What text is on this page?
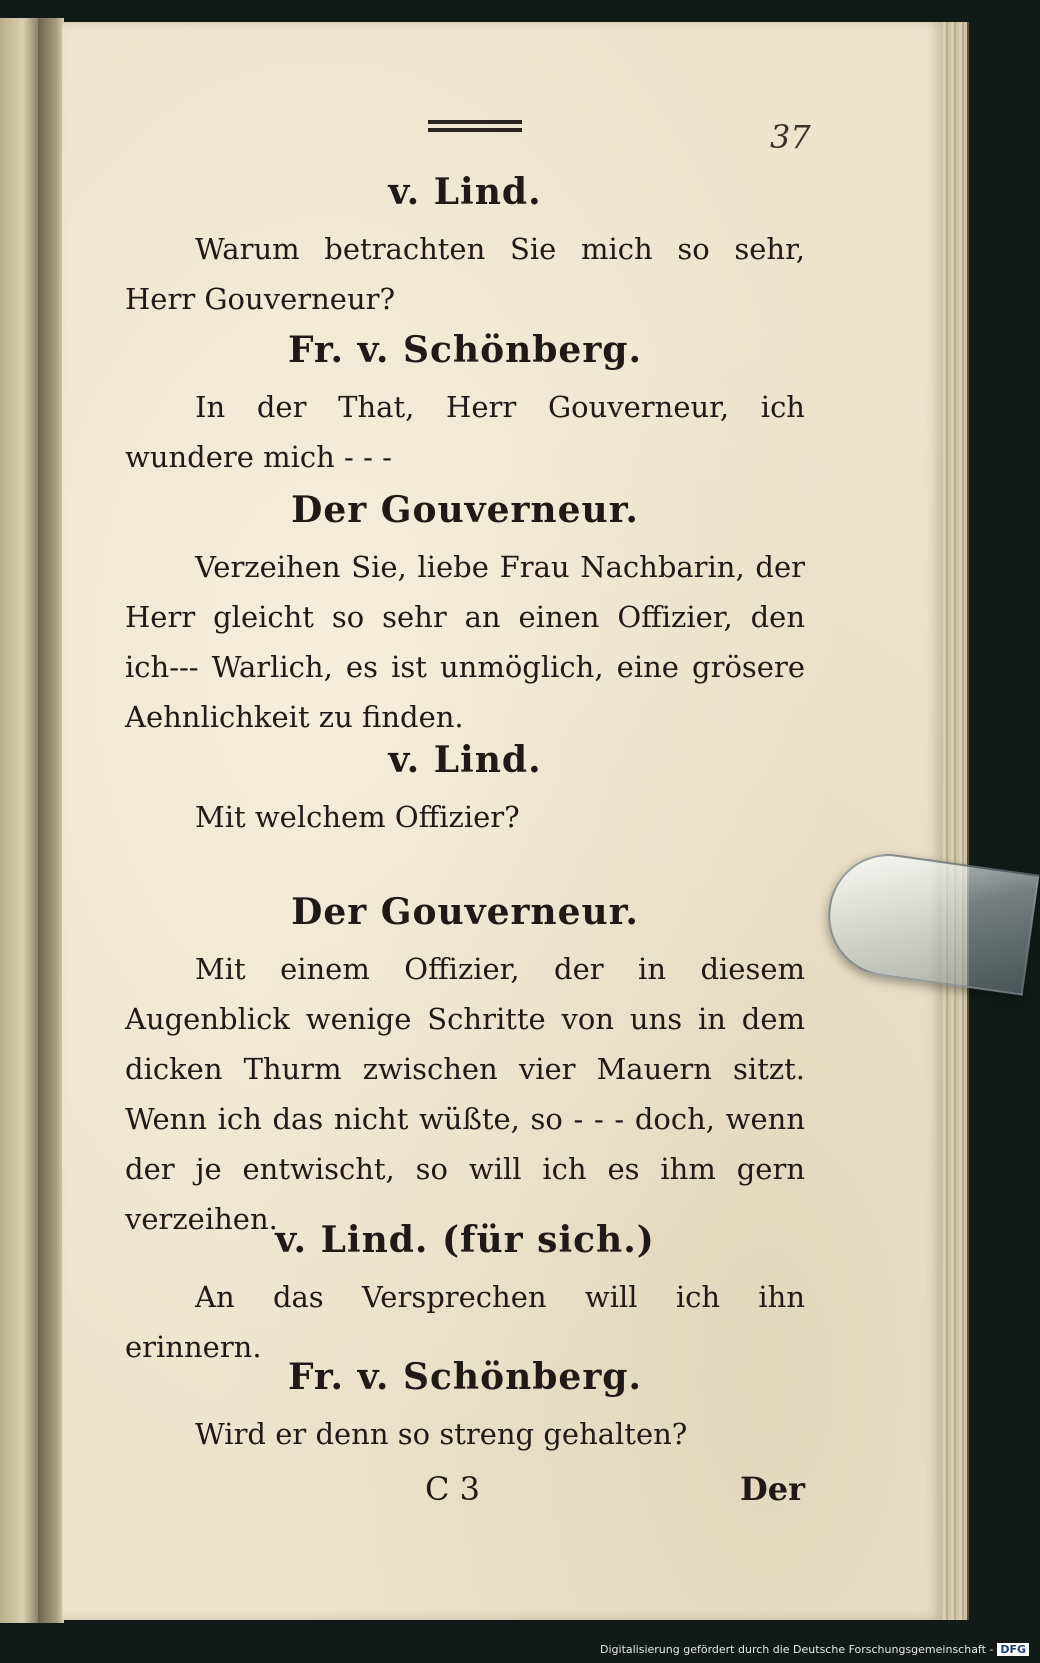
37
v. Lind.
Warum betrachten Sie mich so sehr, Herr Gouverneur?
Fr. v. Schönberg.
In der That, Herr Gouverneur, ich wundere mich - - -
Der Gouverneur.
Verzeihen Sie, liebe Frau Nachbarin, der Herr gleicht so sehr an einen Offizier, den ich--- Warlich, es ist unmöglich, eine grösere Aehnlichkeit zu finden.
v. Lind.
Mit welchem Offizier?
Der Gouverneur.
Mit einem Offizier, der in diesem Augenblick wenige Schritte von uns in dem dicken Thurm zwischen vier Mauern sitzt. Wenn ich das nicht wüßte, so - - - doch, wenn der je entwischt, so will ich es ihm gern verzeihen.
v. Lind. (für sich.)
An das Versprechen will ich ihn erinnern.
Fr. v. Schönberg.
Wird er denn so streng gehalten?
C 3	Der
Digitalisierung gefördert durch die Deutsche Forschungsgemeinschaft - DFG
